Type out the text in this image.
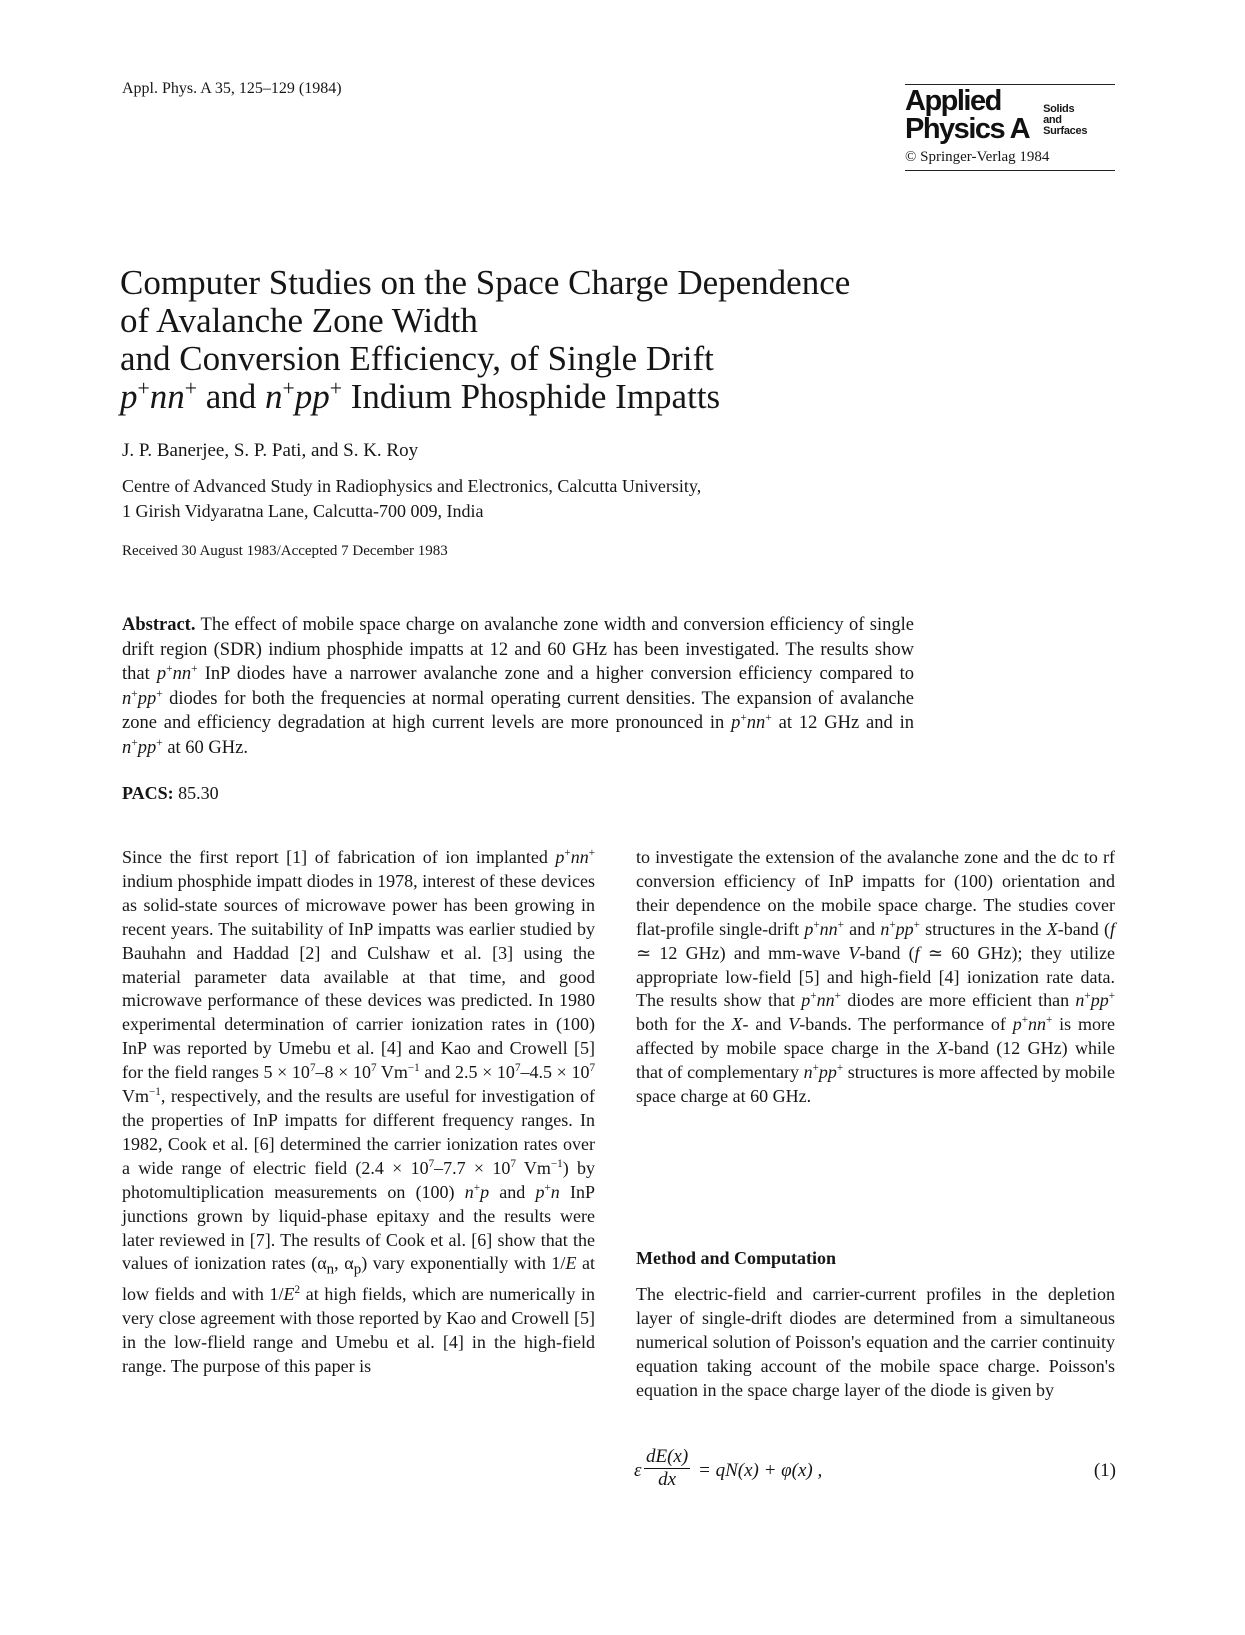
Appl. Phys. A 35, 125–129 (1984)	Applied
Physics A
Solids
and
Surfaces
© Springer-Verlag 1984
Computer Studies on the Space Charge Dependence
of Avalanche Zone Width
and Conversion Efficiency, of Single Drift
p+nn+ and n+pp+ Indium Phosphide Impatts
J. P. Banerjee, S. P. Pati, and S. K. Roy
Centre of Advanced Study in Radiophysics and Electronics, Calcutta University,
1 Girish Vidyaratna Lane, Calcutta-700 009, India
Received 30 August 1983/Accepted 7 December 1983
Abstract. The effect of mobile space charge on avalanche zone width and conversion efficiency of single drift region (SDR) indium phosphide impatts at 12 and 60 GHz has been investigated. The results show that p+nn+ InP diodes have a narrower avalanche zone and a higher conversion efficiency compared to n+pp+ diodes for both the frequencies at normal operating current densities. The expansion of avalanche zone and efficiency degradation at high current levels are more pronounced in p+nn+ at 12 GHz and in n+pp+ at 60 GHz.
PACS: 85.30
Since the first report [1] of fabrication of ion implanted p+nn+ indium phosphide impatt diodes in 1978, interest of these devices as solid-state sources of microwave power has been growing in recent years. The suitability of InP impatts was earlier studied by Bauhahn and Haddad [2] and Culshaw et al. [3] using the material parameter data available at that time, and good microwave performance of these devices was predicted. In 1980 experimental determination of carrier ionization rates in (100) InP was reported by Umebu et al. [4] and Kao and Crowell [5] for the field ranges $5 \times 10^7-8 \times 10^7$ $Vm^{-1}$ and $2.5 \times 10^7-4.5 \times 10^7$ $Vm^{-1}$, respectively, and the results are useful for investigation of the properties of InP impatts for different frequency ranges. In 1982, Cook et al. [6] determined the carrier ionization rates over a wide range of electric field ($2.4 \times 10^7-7.7 \times 10^7$ $Vm^{-1}$) by photomultiplication measurements on (100) n+p and p+n InP junctions grown by liquid-phase epitaxy and the results were later reviewed in [7]. The results of Cook et al. [6] show that the values of ionization rates ($\alpha_n$, $\alpha_p$) vary exponentially with 1/E at low fields and with $1/E^2$ at high fields, which are numerically in very close agreement with those reported by Kao and Crowell [5] in the low-flield range and Umebu et al. [4] in the high-field range. The purpose of this paper is
to investigate the extension of the avalanche zone and the dc to rf conversion efficiency of InP impatts for (100) orientation and their dependence on the mobile space charge. The studies cover flat-profile single-drift p+nn+ and n+pp+ structures in the X-band (f ≃ 12 GHz) and mm-wave V-band (f ≃ 60 GHz); they utilize appropriate low-field [5] and high-field [4] ionization rate data. The results show that p+nn+ diodes are more efficient than n+pp+ both for the X- and V-bands. The performance of p+nn+ is more affected by mobile space charge in the X-band (12 GHz) while that of complementary n+pp+ structures is more affected by mobile space charge at 60 GHz.
Method and Computation
The electric-field and carrier-current profiles in the depletion layer of single-drift diodes are determined from a simultaneous numerical solution of Poisson's equation and the carrier continuity equation taking account of the mobile space charge. Poisson's equation in the space charge layer of the diode is given by
ε $\frac{dE(x)}{dx} = qN(x) + \varphi(x)$ ,	(1)
